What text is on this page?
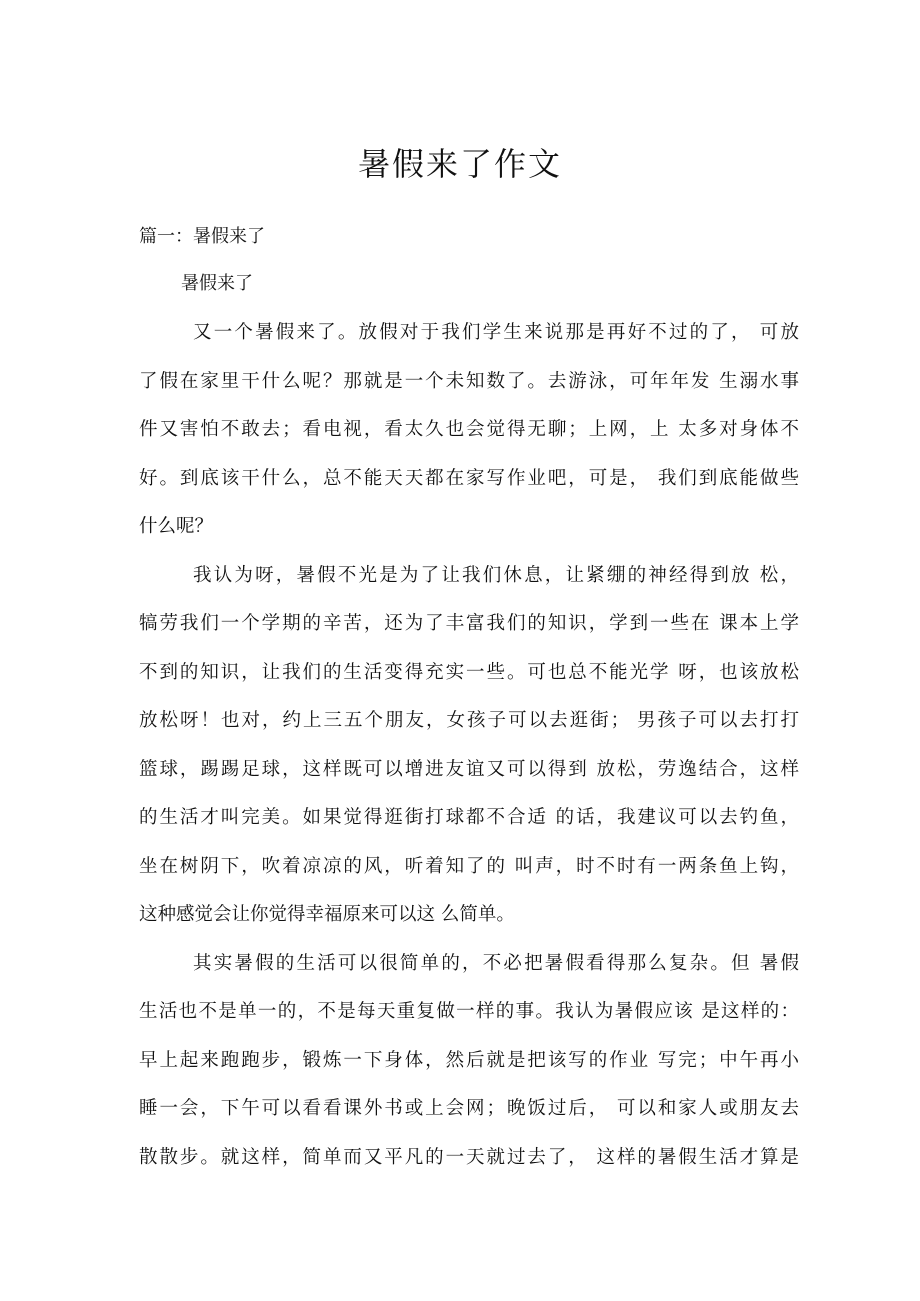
暑假来了作文
篇一：暑假来了
暑假来了
又一个暑假来了。放假对于我们学生来说那是再好不过的了， 可放
了假在家里干什么呢？那就是一个未知数了。去游泳，可年年发 生溺水事
件又害怕不敢去；看电视，看太久也会觉得无聊；上网，上 太多对身体不
好。到底该干什么，总不能天天都在家写作业吧，可是， 我们到底能做些
什么呢？
我认为呀，暑假不光是为了让我们休息，让紧绷的神经得到放 松，
犒劳我们一个学期的辛苦，还为了丰富我们的知识，学到一些在 课本上学
不到的知识，让我们的生活变得充实一些。可也总不能光学 呀，也该放松
放松呀！也对，约上三五个朋友，女孩子可以去逛街； 男孩子可以去打打
篮球，踢踢足球，这样既可以增进友谊又可以得到 放松，劳逸结合，这样
的生活才叫完美。如果觉得逛街打球都不合适 的话，我建议可以去钓鱼，
坐在树阴下，吹着凉凉的风，听着知了的 叫声，时不时有一两条鱼上钩，
这种感觉会让你觉得幸福原来可以这 么简单。
其实暑假的生活可以很简单的，不必把暑假看得那么复杂。但 暑假
生活也不是单一的，不是每天重复做一样的事。我认为暑假应该 是这样的：
早上起来跑跑步，锻炼一下身体，然后就是把该写的作业 写完；中午再小
睡一会，下午可以看看课外书或上会网；晚饭过后， 可以和家人或朋友去
散散步。就这样，简单而又平凡的一天就过去了， 这样的暑假生活才算是
